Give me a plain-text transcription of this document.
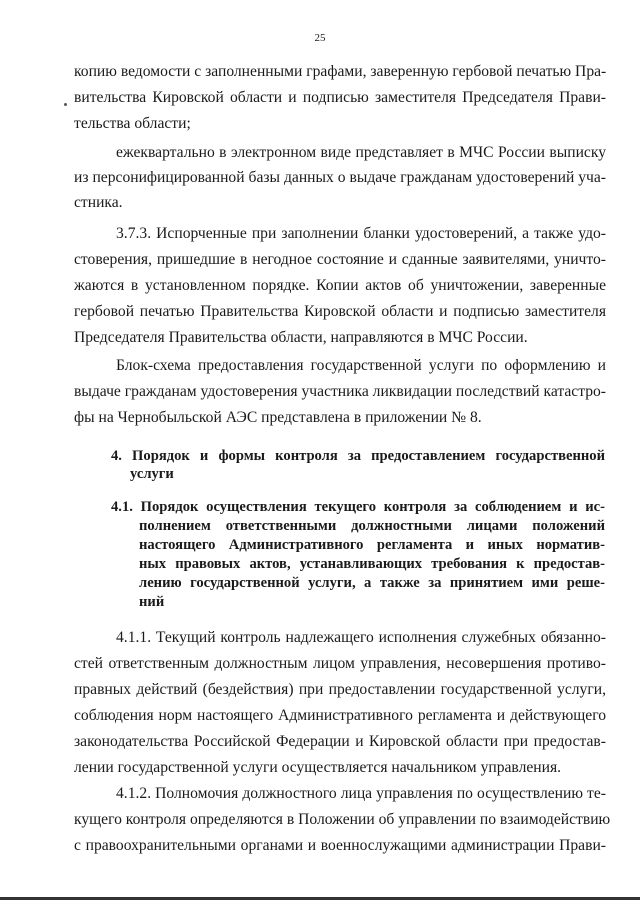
25
копию ведомости с заполненными графами, заверенную гербовой печатью Пра-
вительства Кировской области и подписью заместителя Председателя Прави-
тельства области;
ежеквартально в электронном виде представляет в МЧС России выписку
из персонифицированной базы данных о выдаче гражданам удостоверений уча-
стника.
3.7.3. Испорченные при заполнении бланки удостоверений, а также удо-
стоверения, пришедшие в негодное состояние и сданные заявителями, уничто-
жаются в установленном порядке. Копии актов об уничтожении, заверенные
гербовой печатью Правительства Кировской области и подписью заместителя
Председателя Правительства области, направляются в МЧС России.
Блок-схема предоставления государственной услуги по оформлению и
выдаче гражданам удостоверения участника ликвидации последствий катастро-
фы на Чернобыльской АЭС представлена в приложении № 8.
4. Порядок и формы контроля за предоставлением государственной
услуги
4.1. Порядок осуществления текущего контроля за соблюдением и ис-
полнением ответственными должностными лицами положений
настоящего Административного регламента и иных норматив-
ных правовых актов, устанавливающих требования к предостав-
лению государственной услуги, а также за принятием ими реше-
ний
4.1.1. Текущий контроль надлежащего исполнения служебных обязанно-
стей ответственным должностным лицом управления, несовершения противо-
правных действий (бездействия) при предоставлении государственной услуги,
соблюдения норм настоящего Административного регламента и действующего
законодательства Российской Федерации и Кировской области при предостав-
лении государственной услуги осуществляется начальником управления.
4.1.2. Полномочия должностного лица управления по осуществлению те-
кущего контроля определяются в Положении об управлении по взаимодействию
с правоохранительными органами и военнослужащими администрации Прави-
